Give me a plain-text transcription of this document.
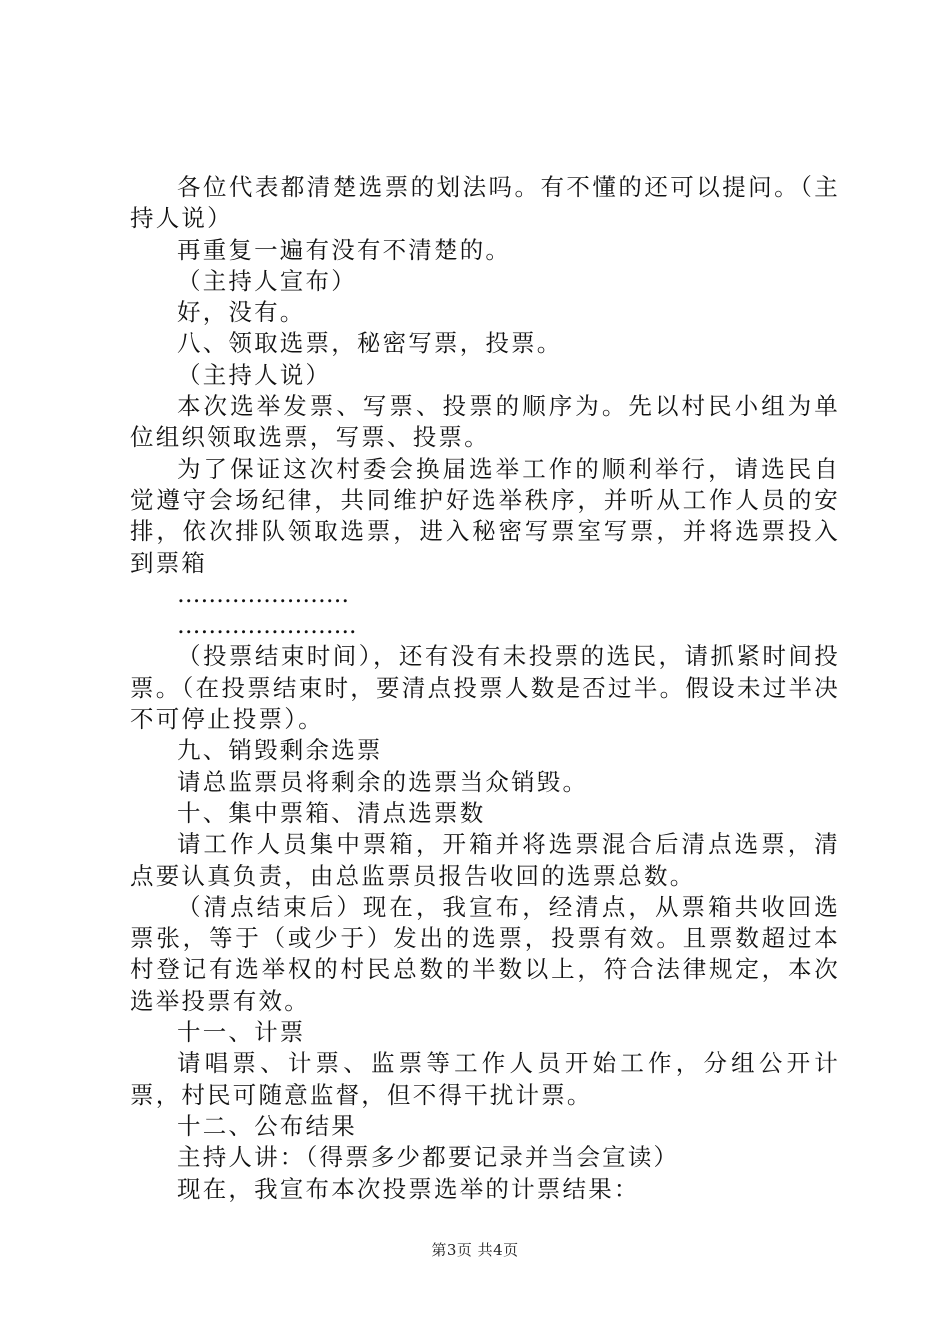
各位代表都清楚选票的划法吗。有不懂的还可以提问。（主持人说）

再重复一遍有没有不清楚的。

（主持人宣布）

好，没有。

八、领取选票，秘密写票，投票。

（主持人说）

本次选举发票、写票、投票的顺序为。先以村民小组为单位组织领取选票，写票、投票。

为了保证这次村委会换届选举工作的顺利举行，请选民自觉遵守会场纪律，共同维护好选举秩序，并听从工作人员的安排，依次排队领取选票，进入秘密写票室写票，并将选票投入到票箱

………………….

…………………..

（投票结束时间），还有没有未投票的选民，请抓紧时间投票。（在投票结束时，要清点投票人数是否过半。假设未过半决不可停止投票）。

九、销毁剩余选票

请总监票员将剩余的选票当众销毁。

十、集中票箱、清点选票数

请工作人员集中票箱，开箱并将选票混合后清点选票，清点要认真负责，由总监票员报告收回的选票总数。

（清点结束后）现在，我宣布，经清点，从票箱共收回选票张，等于（或少于）发出的选票，投票有效。且票数超过本村登记有选举权的村民总数的半数以上，符合法律规定，本次选举投票有效。

十一、计票

请唱票、计票、监票等工作人员开始工作，分组公开计票，村民可随意监督，但不得干扰计票。

十二、公布结果

主持人讲：（得票多少都要记录并当会宣读）

现在，我宣布本次投票选举的计票结果：

第3页 共4页
